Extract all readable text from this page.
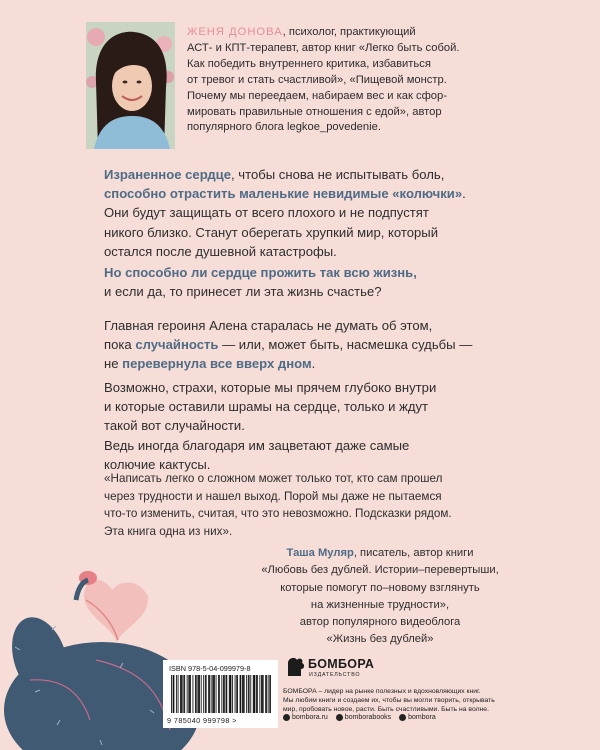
ЖЕНЯ ДОНОВА, психолог, практикующий
АСТ- и КПТ-терапевт, автор книг «Легко быть собой.
Как победить внутреннего критика, избавиться
от тревог и стать счастливой», «Пищевой монстр.
Почему мы переедаем, набираем вес и как сфор-
мировать правильные отношения с едой», автор
популярного блога legkoe_povedenie.

Израненное сердце, чтобы снова не испытывать боль,
способно отрастить маленькие невидимые «колючки».
Они будут защищать от всего плохого и не подпустят
никого близко. Станут оберегать хрупкий мир, который
остался после душевной катастрофы.

Но способно ли сердце прожить так всю жизнь,
и если да, то принесет ли эта жизнь счастье?

Главная героиня Алена старалась не думать об этом,
пока случайность — или, может быть, насмешка судьбы —
не перевернула все вверх дном.

Возможно, страхи, которые мы прячем глубоко внутри
и которые оставили шрамы на сердце, только и ждут
такой вот случайности.
Ведь иногда благодаря им зацветают даже самые
колючие кактусы.

«Написать легко о сложном может только тот, кто сам прошел
через трудности и нашел выход. Порой мы даже не пытаемся
что-то изменить, считая, что это невозможно. Подсказки рядом.
Эта книга одна из них».

Таша Муляр, писатель, автор книги
«Любовь без дублей. Истории–перевертыши,
которые помогут по–новому взглянуть
на жизненные трудности»,
автор популярного видеоблога
«Жизнь без дублей»
ISBN 978-5-04-099979-8
9 785040 999798 >
БОМБОРА
ИЗДАТЕЛЬСТВО

БОМБОРА – лидер на рынке полезных и вдохновляющих книг.
Мы любим книги и создаем их, чтобы вы могли творить, открывать
мир, пробовать новое, расти. Быть счастливыми. Быть на волне.

bombora.ru bomborabooks bombora
